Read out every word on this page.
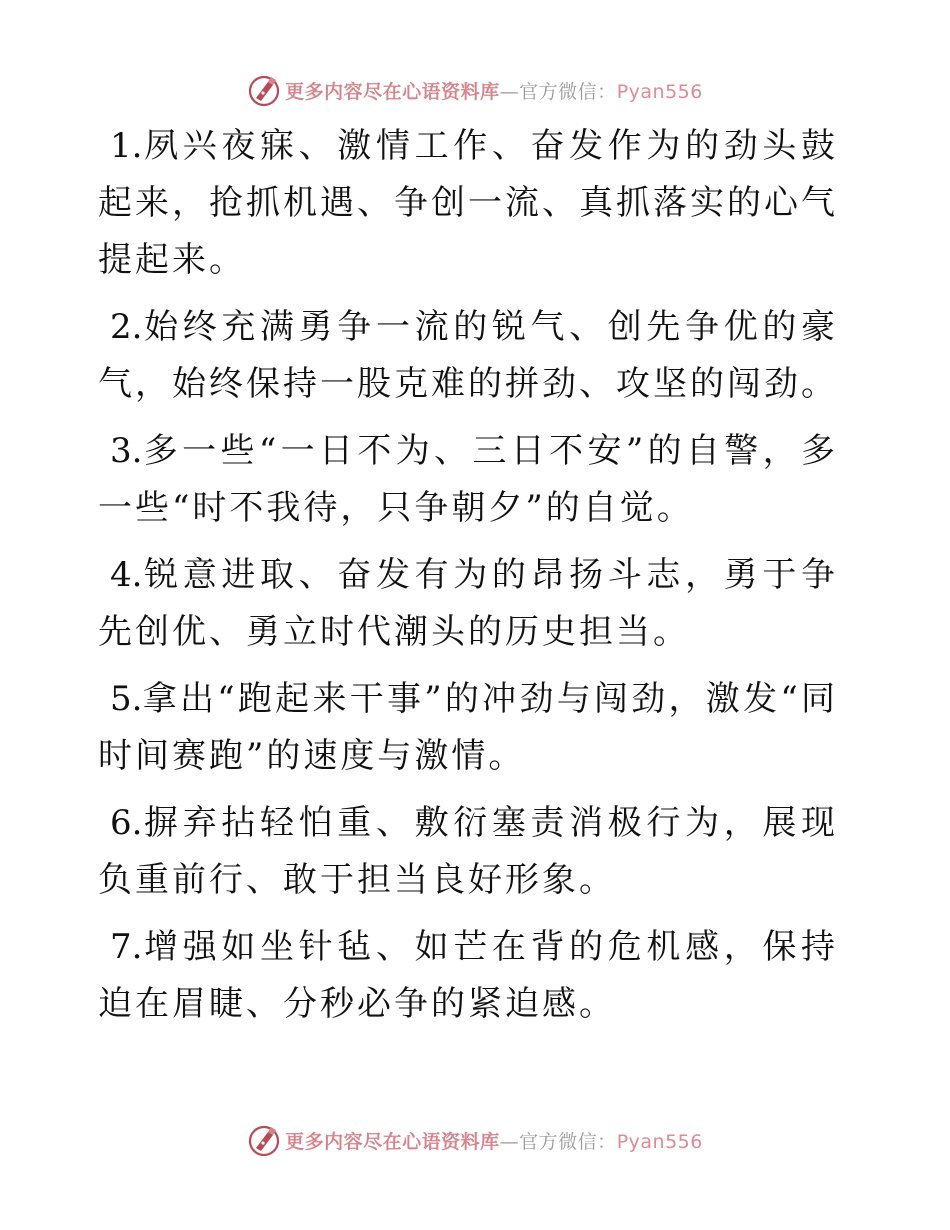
更多内容尽在心语资料库—官方微信：Pyan556

1.夙兴夜寐、激情工作、奋发作为的劲头鼓起来，抢抓机遇、争创一流、真抓落实的心气提起来。

2.始终充满勇争一流的锐气、创先争优的豪气，始终保持一股克难的拼劲、攻坚的闯劲。

3.多一些“一日不为、三日不安”的自警，多一些“时不我待，只争朝夕”的自觉。

4.锐意进取、奋发有为的昂扬斗志，勇于争先创优、勇立时代潮头的历史担当。

5.拿出“跑起来干事”的冲劲与闯劲，激发“同时间赛跑”的速度与激情。

6.摒弃拈轻怕重、敷衍塞责消极行为，展现负重前行、敢于担当良好形象。

7.增强如坐针毡、如芒在背的危机感，保持迫在眉睫、分秒必争的紧迫感。

更多内容尽在心语资料库—官方微信：Pyan556
